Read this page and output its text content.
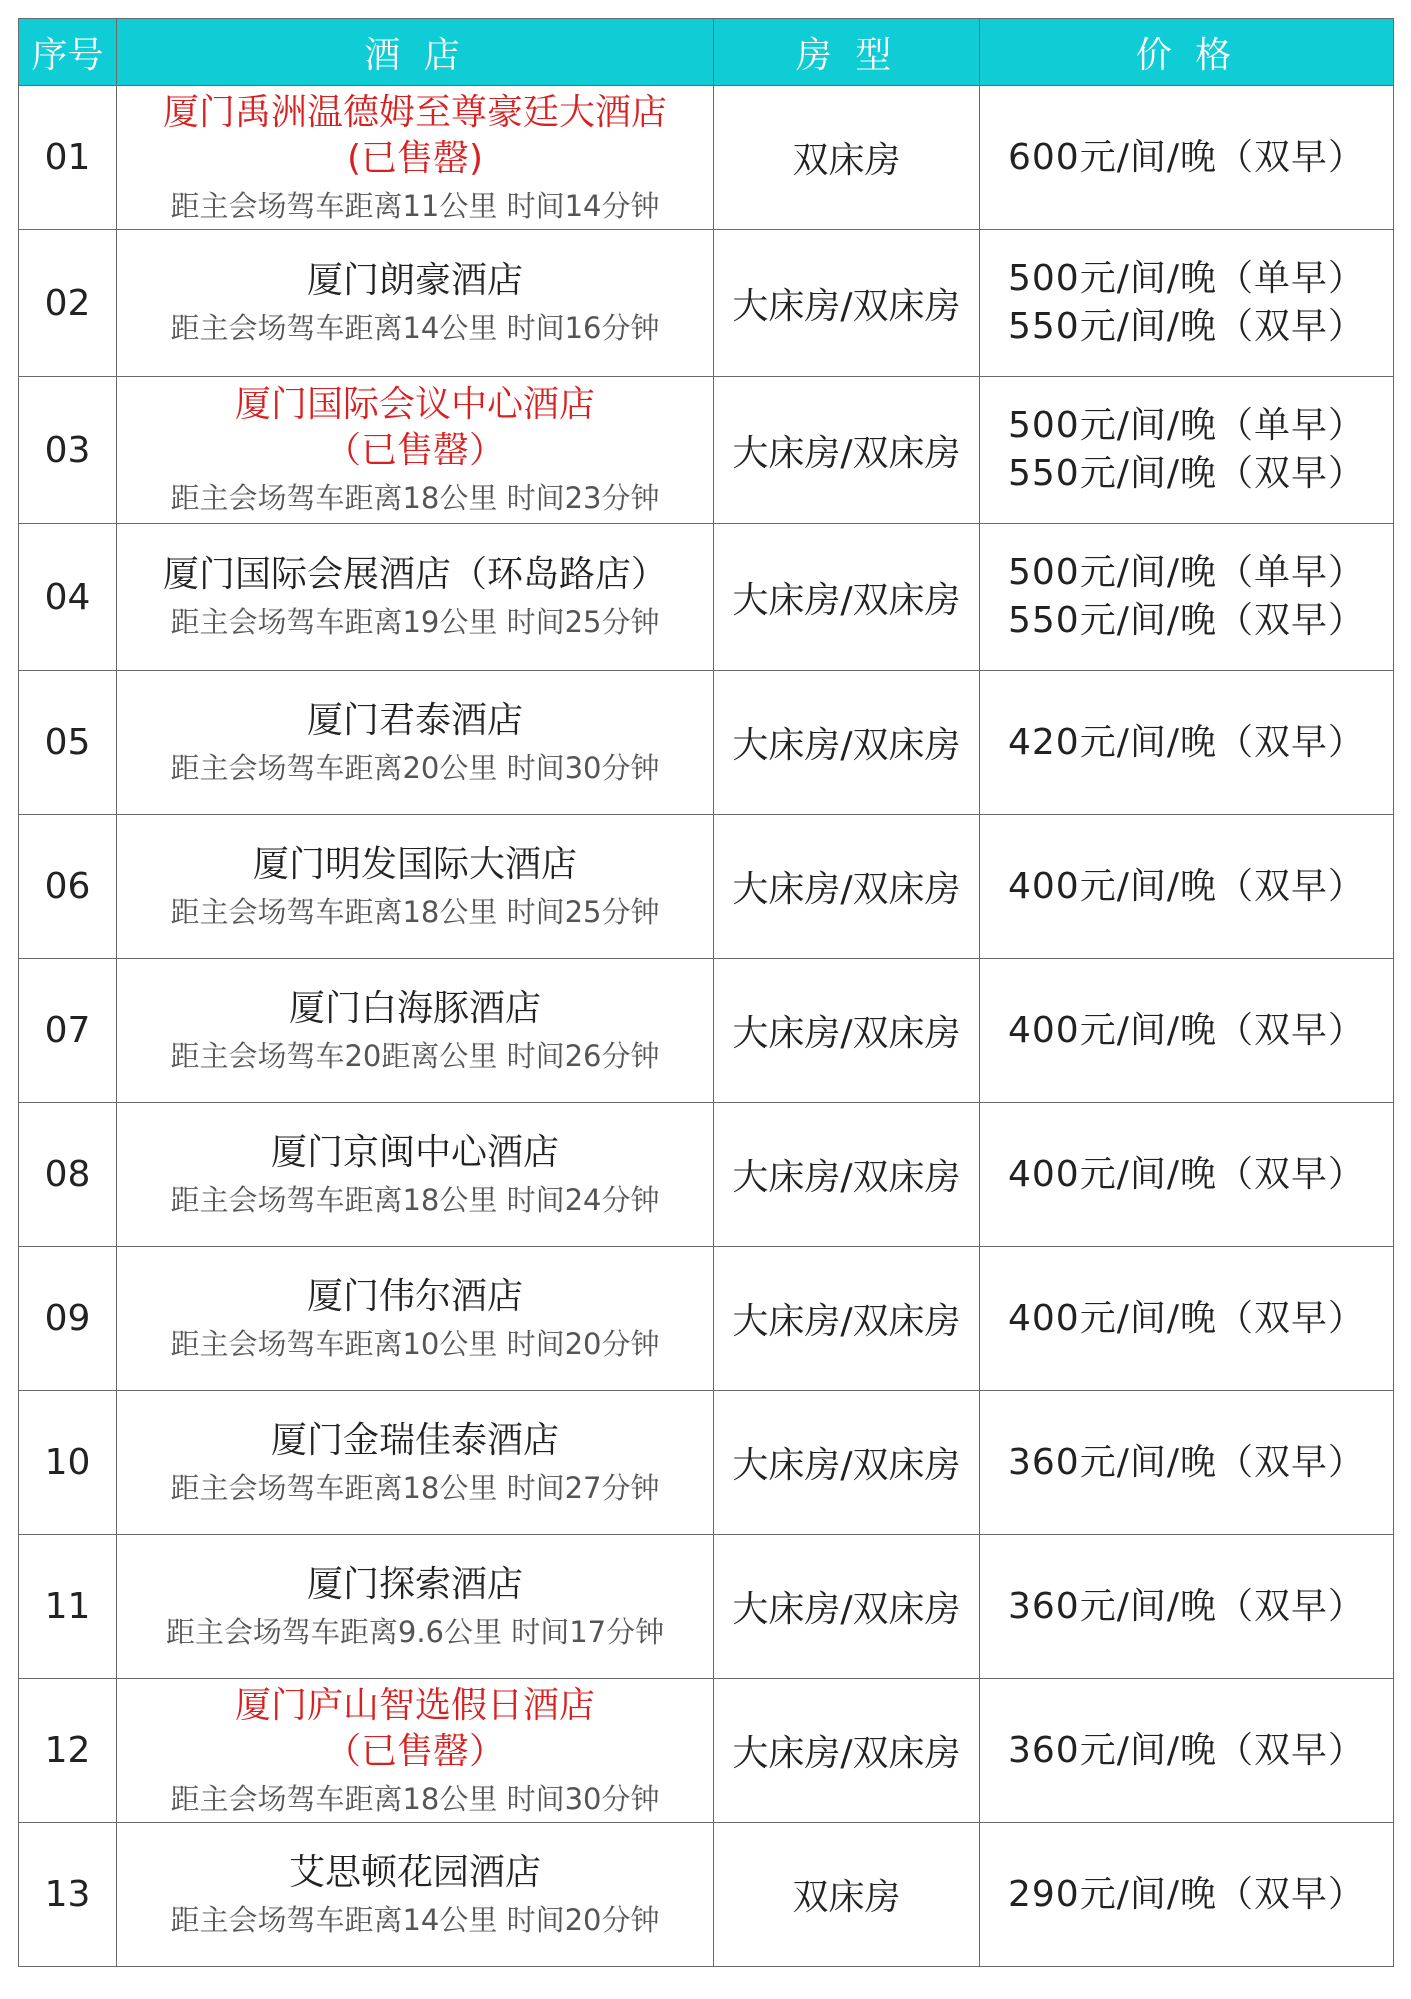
序号	酒 店	房 型	价 格
01	厦门禹洲温德姆至尊豪廷大酒店
(已售罄)
距主会场驾车距离11公里 时间14分钟	双床房	600元/间/晚（双早）

02	厦门朗豪酒店
距主会场驾车距离14公里 时间16分钟	大床房/双床房	500元/间/晚（单早）
550元/间/晚（双早）

03	厦门国际会议中心酒店
（已售罄）
距主会场驾车距离18公里 时间23分钟	大床房/双床房	500元/间/晚（单早）
550元/间/晚（双早）

04	厦门国际会展酒店（环岛路店）
距主会场驾车距离19公里 时间25分钟	大床房/双床房	500元/间/晚（单早）
550元/间/晚（双早）

05	厦门君泰酒店
距主会场驾车距离20公里 时间30分钟	大床房/双床房	420元/间/晚（双早）

06	厦门明发国际大酒店
距主会场驾车距离18公里 时间25分钟	大床房/双床房	400元/间/晚（双早）

07	厦门白海豚酒店
距主会场驾车20距离公里 时间26分钟	大床房/双床房	400元/间/晚（双早）

08	厦门京闽中心酒店
距主会场驾车距离18公里 时间24分钟	大床房/双床房	400元/间/晚（双早）

09	厦门伟尔酒店
距主会场驾车距离10公里 时间20分钟	大床房/双床房	400元/间/晚（双早）

10	厦门金瑞佳泰酒店
距主会场驾车距离18公里 时间27分钟	大床房/双床房	360元/间/晚（双早）

11	厦门探索酒店
距主会场驾车距离9.6公里 时间17分钟	大床房/双床房	360元/间/晚（双早）

12	厦门庐山智选假日酒店
（已售罄）
距主会场驾车距离18公里 时间30分钟	大床房/双床房	360元/间/晚（双早）

13	艾思顿花园酒店
距主会场驾车距离14公里 时间20分钟	双床房	290元/间/晚（双早）
